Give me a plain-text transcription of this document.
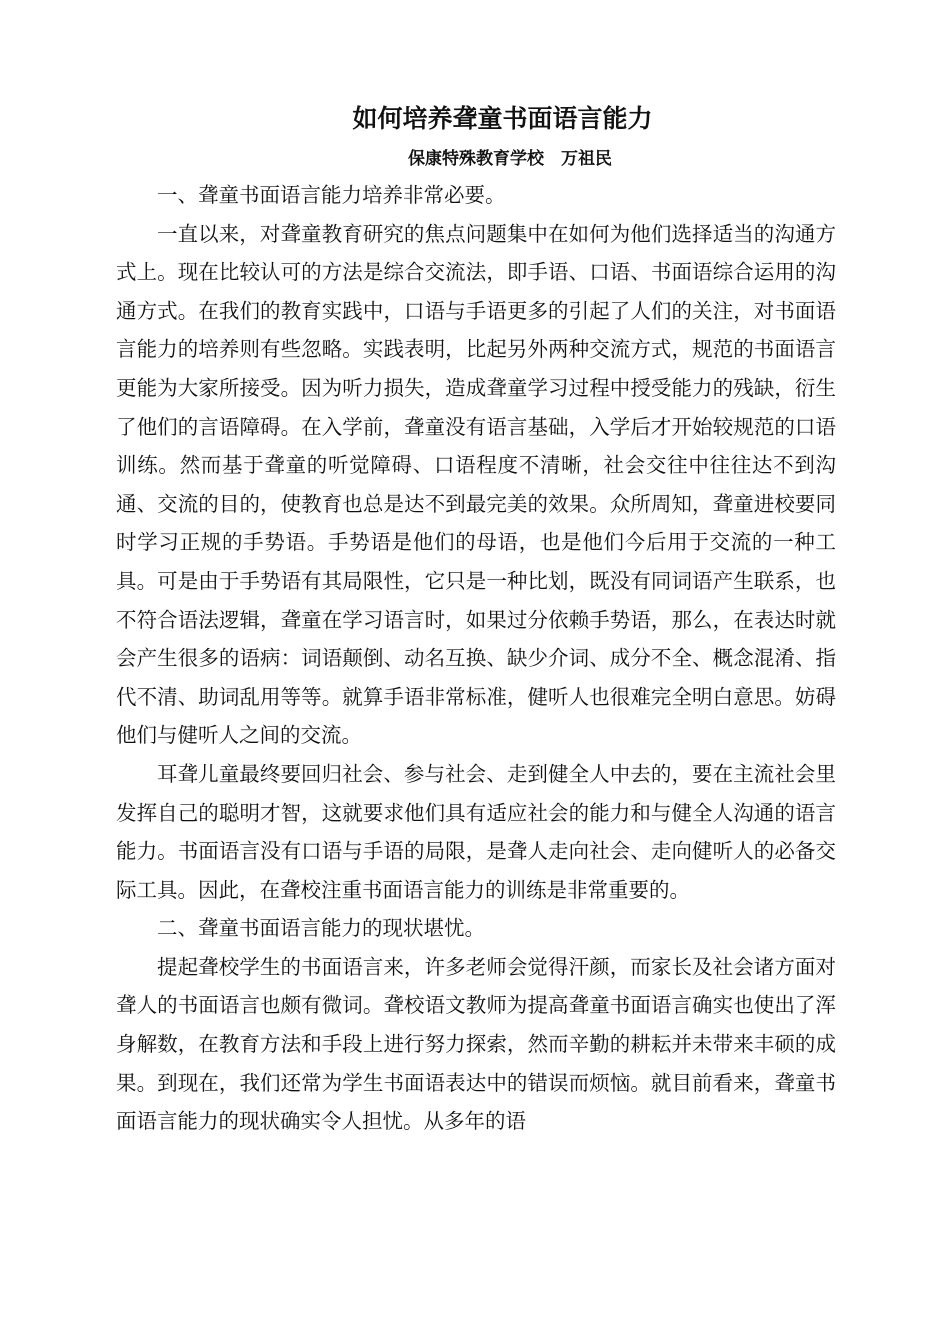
如何培养聋童书面语言能力
保康特殊教育学校　万祖民

一、聋童书面语言能力培养非常必要。

一直以来，对聋童教育研究的焦点问题集中在如何为他们选择适当的沟通方式上。现在比较认可的方法是综合交流法，即手语、口语、书面语综合运用的沟通方式。在我们的教育实践中，口语与手语更多的引起了人们的关注，对书面语言能力的培养则有些忽略。实践表明，比起另外两种交流方式，规范的书面语言更能为大家所接受。因为听力损失，造成聋童学习过程中授受能力的残缺，衍生了他们的言语障碍。在入学前，聋童没有语言基础，入学后才开始较规范的口语训练。然而基于聋童的听觉障碍、口语程度不清晰，社会交往中往往达不到沟通、交流的目的，使教育也总是达不到最完美的效果。众所周知，聋童进校要同时学习正规的手势语。手势语是他们的母语，也是他们今后用于交流的一种工具。可是由于手势语有其局限性，它只是一种比划，既没有同词语产生联系，也不符合语法逻辑，聋童在学习语言时，如果过分依赖手势语，那么，在表达时就会产生很多的语病：词语颠倒、动名互换、缺少介词、成分不全、概念混淆、指代不清、助词乱用等等。就算手语非常标准，健听人也很难完全明白意思。妨碍他们与健听人之间的交流。

耳聋儿童最终要回归社会、参与社会、走到健全人中去的，要在主流社会里发挥自己的聪明才智，这就要求他们具有适应社会的能力和与健全人沟通的语言能力。书面语言没有口语与手语的局限，是聋人走向社会、走向健听人的必备交际工具。因此，在聋校注重书面语言能力的训练是非常重要的。

二、聋童书面语言能力的现状堪忧。

提起聋校学生的书面语言来，许多老师会觉得汗颜，而家长及社会诸方面对聋人的书面语言也颇有微词。聋校语文教师为提高聋童书面语言确实也使出了浑身解数，在教育方法和手段上进行努力探索，然而辛勤的耕耘并未带来丰硕的成果。到现在，我们还常为学生书面语表达中的错误而烦恼。就目前看来，聋童书面语言能力的现状确实令人担忧。从多年的语
